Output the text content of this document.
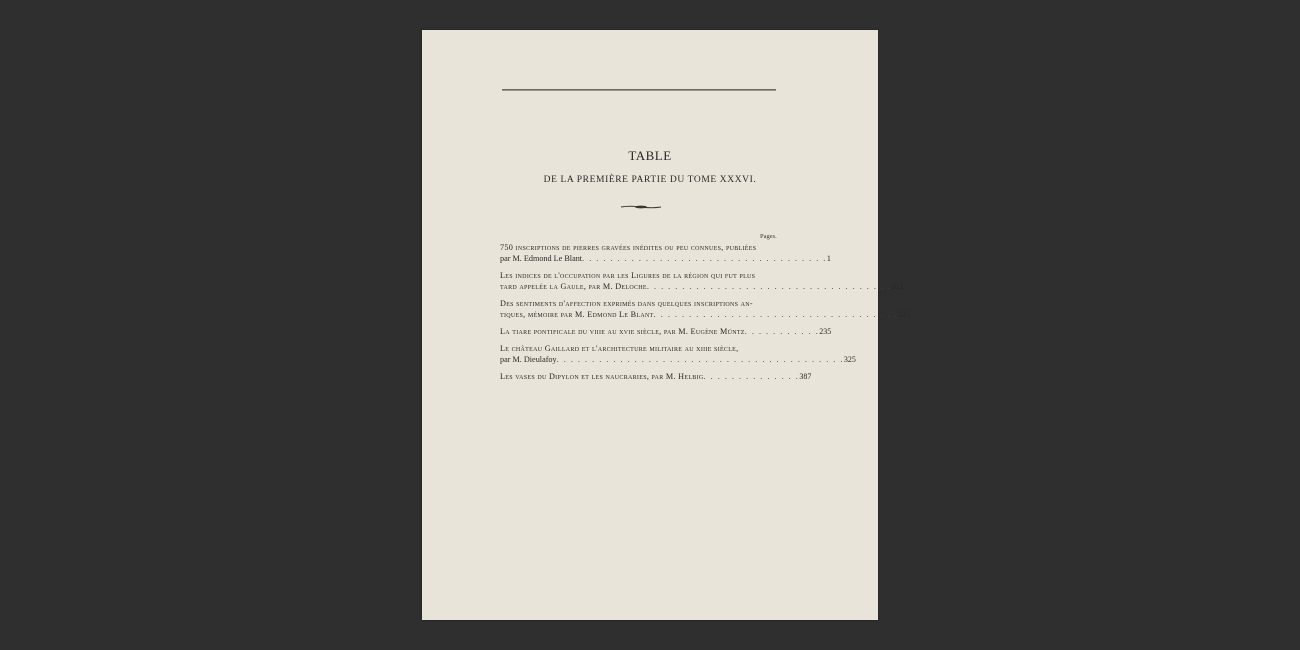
TABLE
DE LA PREMIÈRE PARTIE DU TOME XXXVI.
Pages.
750 inscriptions de pierres gravées inédites ou peu connues, publiées
par M. Edmond Le Blant . . . . . . . . . . . . . . . . . . . . . . . . . . . . . . . . . . . 1
Les indices de l'occupation par les Ligures de la région qui fut plus
tard appelée la Gaule, par M. Deloche . . . . . . . . . . . . . . . . . . . . . . . . . . . . . . . . . . . 211
Des sentiments d'affection exprimés dans quelques inscriptions an-
tiques, mémoire par M. Edmond Le Blant . . . . . . . . . . . . . . . . . . . . . . . . . . . . . . . . . . . 225
La tiare pontificale du viiie au xvie siècle, par M. Eugène Müntz . . . . . . . . . . . 235
Le château Gaillard et l'architecture militaire au xiiie siècle,
par M. Dieulafoy . . . . . . . . . . . . . . . . . . . . . . . . . . . . . . . . . . . . . . . . . 325
Les vases du Dipylon et les naucraries, par M. Helbig . . . . . . . . . . . . . . 387
